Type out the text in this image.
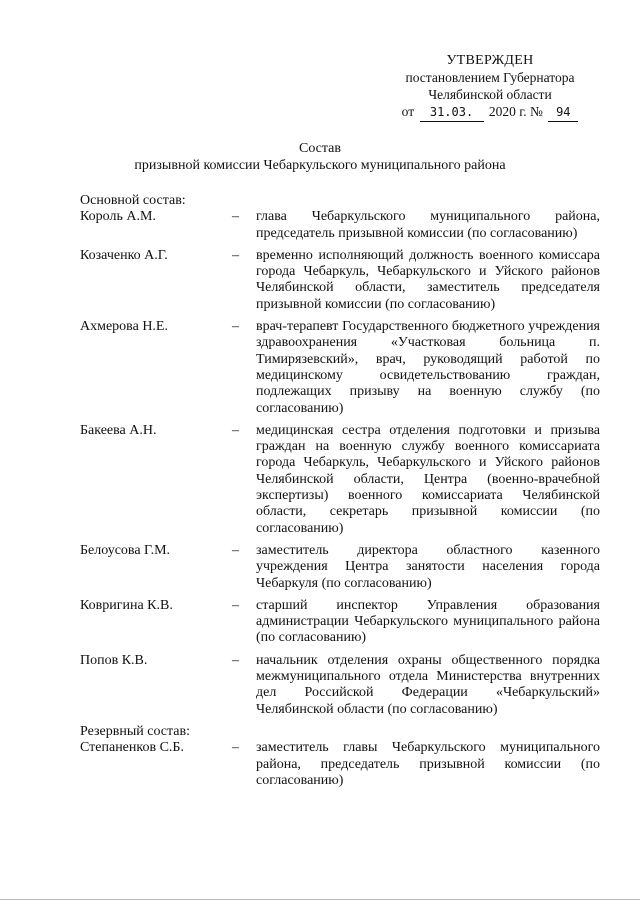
УТВЕРЖДЕН
постановлением Губернатора
Челябинской области
от 31.03. 2020 г. № 94
Состав
призывной комиссии Чебаркульского муниципального района
Основной состав:
Король А.М.	–	глава Чебаркульского муниципального района, председатель призывной комиссии (по согласованию)
Козаченко А.Г.	–	временно исполняющий должность военного комиссара города Чебаркуль, Чебаркульского и Уйского районов Челябинской области, заместитель председателя призывной комиссии (по согласованию)
Ахмерова Н.Е.	–	врач-терапевт Государственного бюджетного учреждения здравоохранения «Участковая больница п. Тимирязевский», врач, руководящий работой по медицинскому освидетельствованию граждан, подлежащих призыву на военную службу (по согласованию)
Бакеева А.Н.	–	медицинская сестра отделения подготовки и призыва граждан на военную службу военного комиссариата города Чебаркуль, Чебаркульского и Уйского районов Челябинской области, Центра (военно-врачебной экспертизы) военного комиссариата Челябинской области, секретарь призывной комиссии (по согласованию)
Белоусова Г.М.	–	заместитель директора областного казенного учреждения Центра занятости населения города Чебаркуля (по согласованию)
Ковригина К.В.	–	старший инспектор Управления образования администрации Чебаркульского муниципального района (по согласованию)
Попов К.В.	–	начальник отделения охраны общественного порядка межмуниципального отдела Министерства внутренних дел Российской Федерации «Чебаркульский» Челябинской области (по согласованию)
Резервный состав:
Степаненков С.Б.	–	заместитель главы Чебаркульского муниципального района, председатель призывной комиссии (по согласованию)
